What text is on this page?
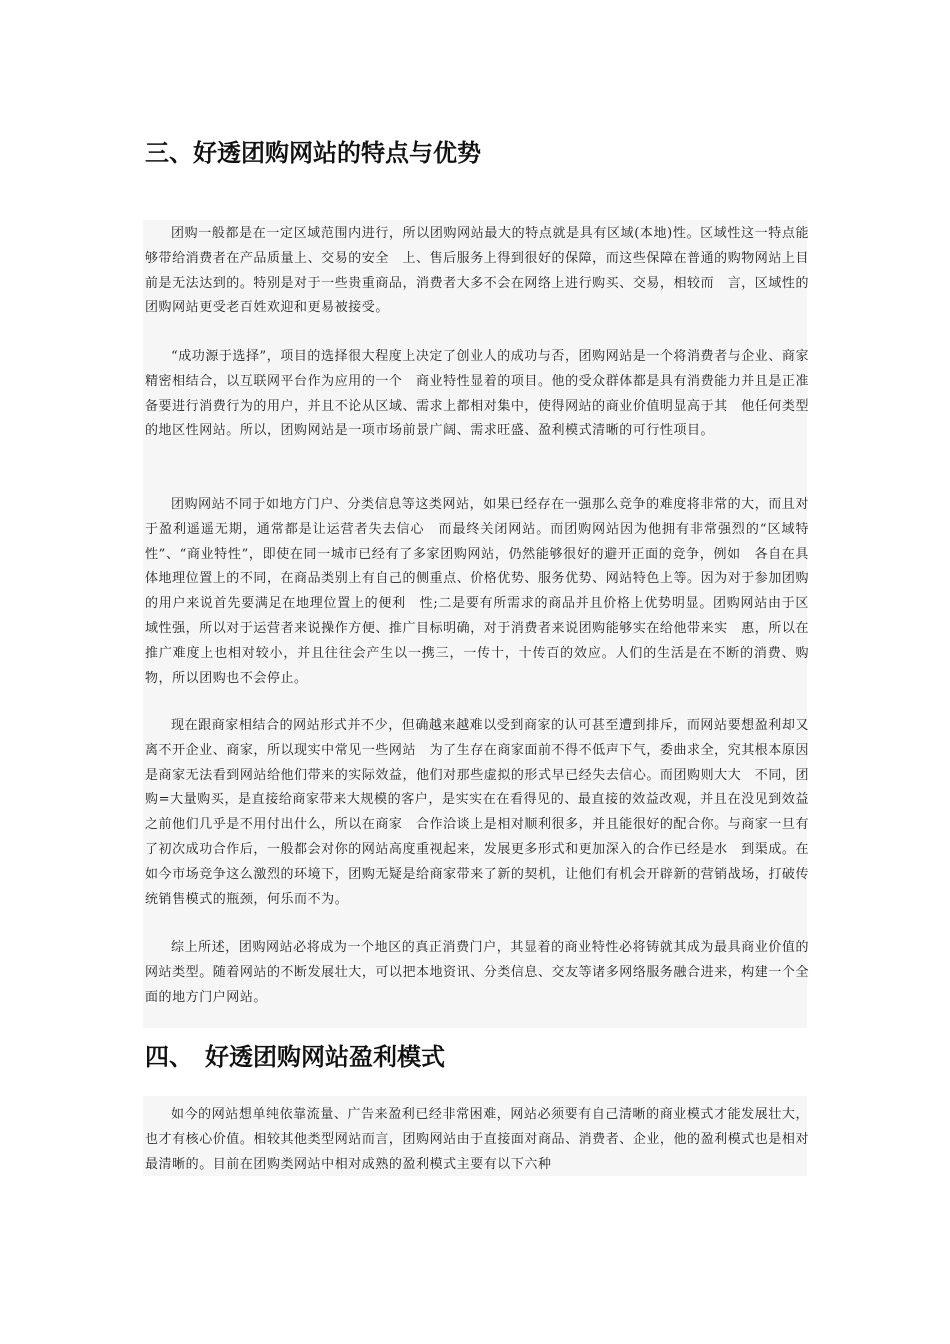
三、好透团购网站的特点与优势

团购一般都是在一定区域范围内进行，所以团购网站最大的特点就是具有区域(本地)性。区域性这一特点能够带给消费者在产品质量上、交易的安全　上、售后服务上得到很好的保障，而这些保障在普通的购物网站上目前是无法达到的。特别是对于一些贵重商品，消费者大多不会在网络上进行购买、交易，相较而　言，区域性的团购网站更受老百姓欢迎和更易被接受。

“成功源于选择”，项目的选择很大程度上决定了创业人的成功与否，团购网站是一个将消费者与企业、商家精密相结合，以互联网平台作为应用的一个　商业特性显着的项目。他的受众群体都是具有消费能力并且是正准备要进行消费行为的用户，并且不论从区域、需求上都相对集中，使得网站的商业价值明显高于其　他任何类型的地区性网站。所以，团购网站是一项市场前景广阔、需求旺盛、盈利模式清晰的可行性项目。

团购网站不同于如地方门户、分类信息等这类网站，如果已经存在一强那么竞争的难度将非常的大，而且对于盈利遥遥无期，通常都是让运营者失去信心　而最终关闭网站。而团购网站因为他拥有非常强烈的“区域特性”、“商业特性”，即使在同一城市已经有了多家团购网站，仍然能够很好的避开正面的竞争，例如　各自在具体地理位置上的不同，在商品类别上有自己的侧重点、价格优势、服务优势、网站特色上等。因为对于参加团购的用户来说首先要满足在地理位置上的便利　性;二是要有所需求的商品并且价格上优势明显。团购网站由于区域性强，所以对于运营者来说操作方便、推广目标明确，对于消费者来说团购能够实在给他带来实　惠，所以在推广难度上也相对较小，并且往往会产生以一携三，一传十，十传百的效应。人们的生活是在不断的消费、购物，所以团购也不会停止。

现在跟商家相结合的网站形式并不少，但确越来越难以受到商家的认可甚至遭到排斥，而网站要想盈利却又离不开企业、商家，所以现实中常见一些网站　为了生存在商家面前不得不低声下气，委曲求全，究其根本原因是商家无法看到网站给他们带来的实际效益，他们对那些虚拟的形式早已经失去信心。而团购则大大　不同，团购=大量购买，是直接给商家带来大规模的客户，是实实在在看得见的、最直接的效益改观，并且在没见到效益之前他们几乎是不用付出什么，所以在商家　合作洽谈上是相对顺利很多，并且能很好的配合你。与商家一旦有了初次成功合作后，一般都会对你的网站高度重视起来，发展更多形式和更加深入的合作已经是水　到渠成。在如今市场竞争这么激烈的环境下，团购无疑是给商家带来了新的契机，让他们有机会开辟新的营销战场，打破传统销售模式的瓶颈，何乐而不为。

综上所述，团购网站必将成为一个地区的真正消费门户，其显着的商业特性必将铸就其成为最具商业价值的网站类型。随着网站的不断发展壮大，可以把本地资讯、分类信息、交友等诸多网络服务融合进来，构建一个全面的地方门户网站。

四、　好透团购网站盈利模式

如今的网站想单纯依靠流量、广告来盈利已经非常困难，网站必须要有自己清晰的商业模式才能发展壮大，也才有核心价值。相较其他类型网站而言，团购网站由于直接面对商品、消费者、企业，他的盈利模式也是相对最清晰的。目前在团购类网站中相对成熟的盈利模式主要有以下六种
